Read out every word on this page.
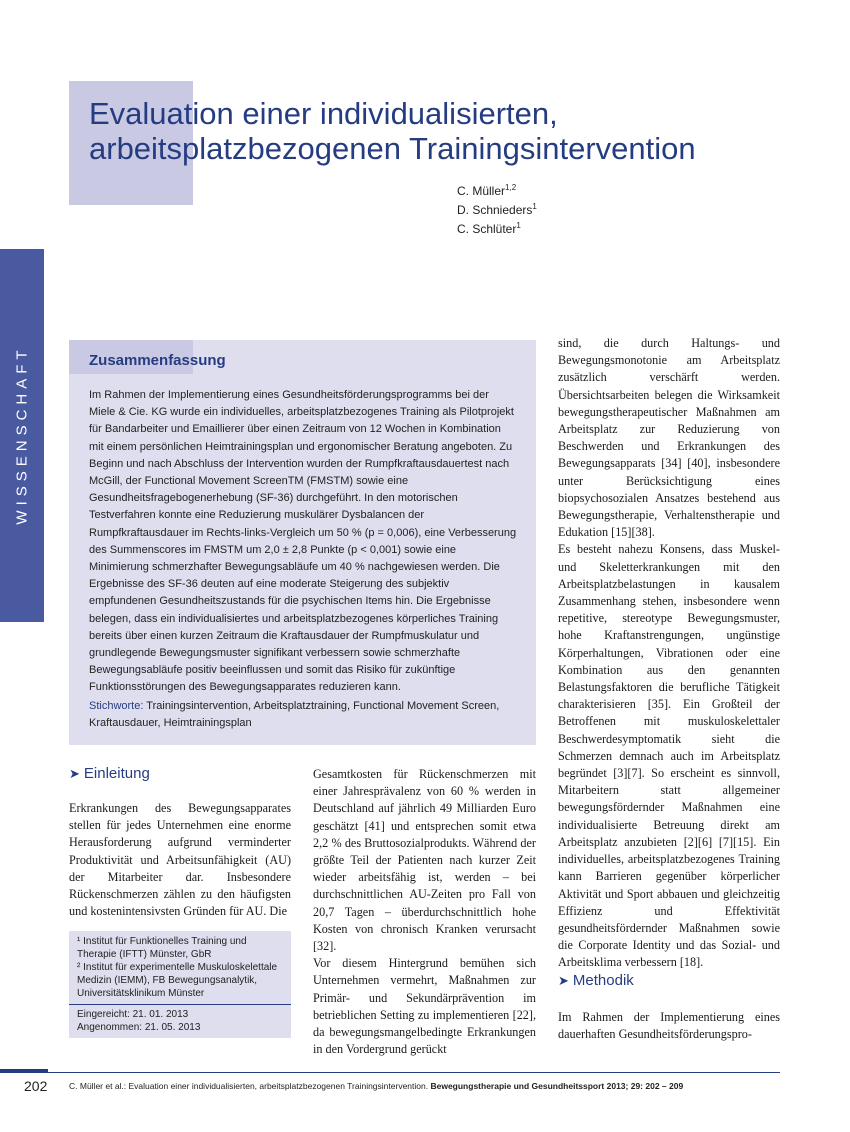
Evaluation einer individualisierten,
arbeitsplatzbezogenen Trainingsintervention
C. Müller$^{1,2}$
D. Schnieders$^1$
C. Schlüter$^1$
WISSENSCHAFT	Zusammenfassung
Im Rahmen der Implementierung eines Gesundheitsförderungsprogramms bei der Miele & Cie. KG wurde ein individuelles, arbeitsplatzbezogenes Training als Pilotprojekt für Bandarbeiter und Emaillierer über einen Zeitraum von 12 Wochen in Kombination mit einem persönlichen Heimtrainingsplan und ergonomischer Beratung angeboten. Zu Beginn und nach Abschluss der Intervention wurden der Rumpfkraftausdauertest nach McGill, der Functional Movement ScreenTM (FMSTM) sowie eine Gesundheitsfragebogenerhebung (SF-36) durchgeführt. In den motorischen Testverfahren konnte eine Reduzierung muskulärer Dysbalancen der Rumpfkraftausdauer im Rechts-links-Vergleich um 50 % (p = 0,006), eine Verbesserung des Summenscores im FMSTM um 2,0 ± 2,8 Punkte (p < 0,001) sowie eine Minimierung schmerzhafter Bewegungsabläufe um 40 % nachgewiesen werden. Die Ergebnisse des SF-36 deuten auf eine moderate Steigerung des subjektiv empfundenen Gesundheitszustands für die psychischen Items hin. Die Ergebnisse belegen, dass ein individualisiertes und arbeitsplatzbezogenes körperliches Training bereits über einen kurzen Zeitraum die Kraftausdauer der Rumpfmuskulatur und grundlegende Bewegungsmuster signifikant verbessern sowie schmerzhafte Bewegungsabläufe positiv beeinflussen und somit das Risiko für zukünftige Funktionsstörungen des Bewegungsapparates reduzieren kann.
Stichworte: Trainingsintervention, Arbeitsplatztraining, Functional Movement Screen, Kraftausdauer, Heimtrainingsplan
➤ Einleitung
Erkrankungen des Bewegungsapparates stellen für jedes Unternehmen eine enorme Herausforderung aufgrund verminderter Produktivität und Arbeitsunfähigkeit (AU) der Mitarbeiter dar. Insbesondere Rückenschmerzen zählen zu den häufigsten und kostenintensivsten Gründen für AU. Die
¹ Institut für Funktionelles Training und Therapie (IFTT) Münster, GbR
² Institut für experimentelle Muskuloskelettale Medizin (IEMM), FB Bewegungsanalytik, Universitätsklinikum Münster
Eingereicht: 21. 01. 2013
Angenommen: 21. 05. 2013
Gesamtkosten für Rückenschmerzen mit einer Jahresprävalenz von 60 % werden in Deutschland auf jährlich 49 Milliarden Euro geschätzt [41] und entsprechen somit etwa 2,2 % des Bruttosozialprodukts. Während der größte Teil der Patienten nach kurzer Zeit wieder arbeitsfähig ist, werden – bei durchschnittlichen AU-Zeiten pro Fall von 20,7 Tagen – überdurchschnittlich hohe Kosten von chronisch Kranken verursacht [32].
Vor diesem Hintergrund bemühen sich Unternehmen vermehrt, Maßnahmen zur Primär- und Sekundärprävention im betrieblichen Setting zu implementieren [22], da bewegungsmangelbedingte Erkrankungen in den Vordergrund gerückt
sind, die durch Haltungs- und Bewegungsmonotonie am Arbeitsplatz zusätzlich verschärft werden. Übersichtsarbeiten belegen die Wirksamkeit bewegungstherapeutischer Maßnahmen am Arbeitsplatz zur Reduzierung von Beschwerden und Erkrankungen des Bewegungsapparats [34] [40], insbesondere unter Berücksichtigung eines biopsychosozialen Ansatzes bestehend aus Bewegungstherapie, Verhaltenstherapie und Edukation [15][38].
Es besteht nahezu Konsens, dass Muskel- und Skeletterkrankungen mit den Arbeitsplatzbelastungen in kausalem Zusammenhang stehen, insbesondere wenn repetitive, stereotype Bewegungsmuster, hohe Kraftanstrengungen, ungünstige Körperhaltungen, Vibrationen oder eine Kombination aus den genannten Belastungsfaktoren die berufliche Tätigkeit charakterisieren [35]. Ein Großteil der Betroffenen mit muskuloskelettaler Beschwerdesymptomatik sieht die Schmerzen demnach auch im Arbeitsplatz begründet [3][7]. So erscheint es sinnvoll, Mitarbeitern statt allgemeiner bewegungsfördernder Maßnahmen eine individualisierte Betreuung direkt am Arbeitsplatz anzubieten [2][6] [7][15]. Ein individuelles, arbeitsplatzbezogenes Training kann Barrieren gegenüber körperlicher Aktivität und Sport abbauen und gleichzeitig Effizienz und Effektivität gesundheitsfördernder Maßnahmen sowie die Corporate Identity und das Sozial- und Arbeitsklima verbessern [18].
➤ Methodik
Im Rahmen der Implementierung eines dauerhaften Gesundheitsförderungspro-
202	C. Müller et al.: Evaluation einer individualisierten, arbeitsplatzbezogenen Trainingsintervention. Bewegungstherapie und Gesundheitssport 2013; 29: 202 – 209
